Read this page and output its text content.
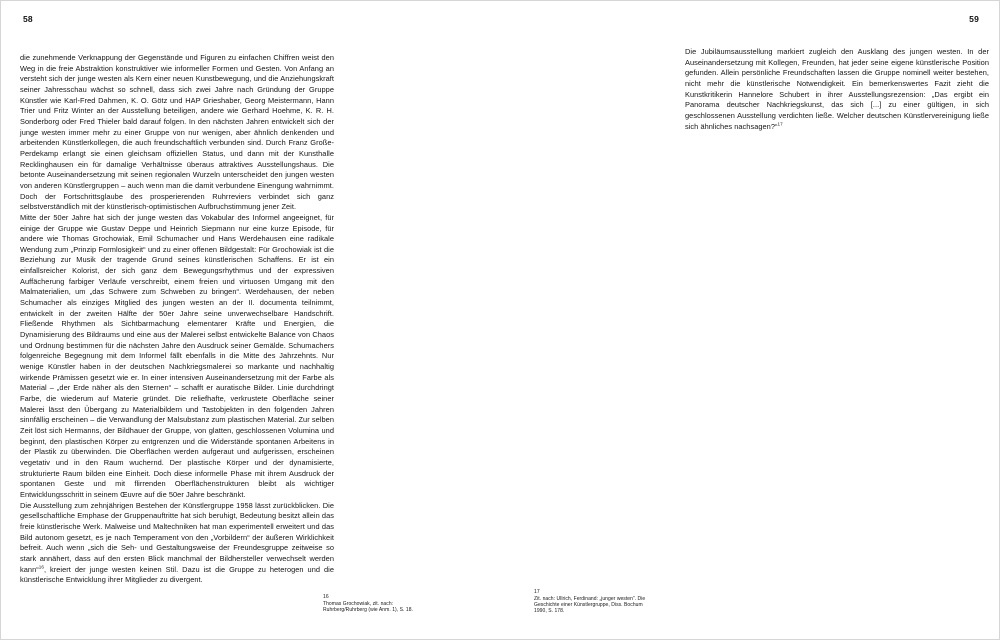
58

die zunehmende Verknappung der Gegenstände und Figuren zu einfachen Chiffren weist den Weg in die freie Abstraktion konstruktiver wie informeller Formen und Gesten. Von Anfang an versteht sich der junge westen als Kern einer neuen Kunstbewegung, und die Anziehungskraft seiner Jahresschau wächst so schnell, dass sich zwei Jahre nach Gründung der Gruppe Künstler wie Karl-Fred Dahmen, K. O. Götz und HAP Grieshaber, Georg Meistermann, Hann Trier und Fritz Winter an der Ausstellung beteiligen, andere wie Gerhard Hoehme, K. R. H. Sonderborg oder Fred Thieler bald darauf folgen. In den nächsten Jahren entwickelt sich der junge westen immer mehr zu einer Gruppe von nur wenigen, aber ähnlich denkenden und arbeitenden Künstlerkollegen, die auch freundschaftlich verbunden sind. Durch Franz Große-Perdekamp erlangt sie einen gleichsam offiziellen Status, und dann mit der Kunsthalle Recklinghausen ein für damalige Verhältnisse überaus attraktives Ausstellungshaus. Die betonte Auseinandersetzung mit seinen regionalen Wurzeln unterscheidet den jungen westen von anderen Künstlergruppen – auch wenn man die damit verbundene Einengung wahrnimmt. Doch der Fortschrittsglaube des prosperierenden Ruhrreviers verbindet sich ganz selbstverständlich mit der künstlerisch-optimistischen Aufbruchstimmung jener Zeit.

Mitte der 50er Jahre hat sich der junge westen das Vokabular des Informel angeeignet, für einige der Gruppe wie Gustav Deppe und Heinrich Siepmann nur eine kurze Episode, für andere wie Thomas Grochowiak, Emil Schumacher und Hans Werdehausen eine radikale Wendung zum „Prinzip Formlosigkeit“ und zu einer offenen Bildgestalt: Für Grochowiak ist die Beziehung zur Musik der tragende Grund seines künstlerischen Schaffens. Er ist ein einfallsreicher Kolorist, der sich ganz dem Bewegungsrhythmus und der expressiven Auffächerung farbiger Verläufe verschreibt, einem freien und virtuosen Umgang mit den Malmaterialien, um „das Schwere zum Schweben zu bringen“. Werdehausen, der neben Schumacher als einziges Mitglied des jungen westen an der II. documenta teilnimmt, entwickelt in der zweiten Hälfte der 50er Jahre seine unverwechselbare Handschrift. Fließende Rhythmen als Sichtbarmachung elementarer Kräfte und Energien, die Dynamisierung des Bildraums und eine aus der Malerei selbst entwickelte Balance von Chaos und Ordnung bestimmen für die nächsten Jahre den Ausdruck seiner Gemälde. Schumachers folgenreiche Begegnung mit dem Informel fällt ebenfalls in die Mitte des Jahrzehnts. Nur wenige Künstler haben in der deutschen Nachkriegsmalerei so markante und nachhaltig wirkende Prämissen gesetzt wie er. In einer intensiven Auseinandersetzung mit der Farbe als Material – „der Erde näher als den Sternen“ – schafft er auratische Bilder. Linie durchdringt Farbe, die wiederum auf Materie gründet. Die reliefhafte, verkrustete Oberfläche seiner Malerei lässt den Übergang zu Materialbildern und Tastobjekten in den folgenden Jahren sinnfällig erscheinen – die Verwandlung der Malsubstanz zum plastischen Material. Zur selben Zeit löst sich Hermanns, der Bildhauer der Gruppe, von glatten, geschlossenen Volumina und beginnt, den plastischen Körper zu entgrenzen und die Widerstände spontanen Arbeitens in der Plastik zu überwinden. Die Oberflächen werden aufgeraut und aufgerissen, erscheinen vegetativ und in den Raum wuchernd. Der plastische Körper und der dynamisierte, strukturierte Raum bilden eine Einheit. Doch diese informelle Phase mit ihrem Ausdruck der spontanen Geste und mit flirrenden Oberflächenstrukturen bleibt als wichtiger Entwicklungsschritt in seinem Œuvre auf die 50er Jahre beschränkt.

Die Ausstellung zum zehnjährigen Bestehen der Künstlergruppe 1958 lässt zurückblicken. Die gesellschaftliche Emphase der Gruppenauftritte hat sich beruhigt, Bedeutung besitzt allein das freie künstlerische Werk. Malweise und Maltechniken hat man experimentell erweitert und das Bild autonom gesetzt, es je nach Temperament von den „Vorbildern“ der äußeren Wirklichkeit befreit. Auch wenn „sich die Seh- und Gestaltungsweise der Freundesgruppe zeitweise so stark annähert, dass auf den ersten Blick manchmal der Bildhersteller verwechselt werden kann“$^{16}$, kreiert der junge westen keinen Stil. Dazu ist die Gruppe zu heterogen und die künstlerische Entwicklung ihrer Mitglieder zu divergent.

16
Thomas Grochowiak, zit. nach: Ruhrberg/Ruhrberg (wie Anm. 1), S. 18.
59

Die Jubiläumsausstellung markiert zugleich den Ausklang des jungen westen. In der Auseinandersetzung mit Kollegen, Freunden, hat jeder seine eigene künstlerische Position gefunden. Allein persönliche Freundschaften lassen die Gruppe nominell weiter bestehen, nicht mehr die künstlerische Notwendigkeit. Ein bemerkenswertes Fazit zieht die Kunstkritikerin Hannelore Schubert in ihrer Ausstellungsrezension: „Das ergibt ein Panorama deutscher Nachkriegskunst, das sich [...] zu einer gültigen, in sich geschlossenen Ausstellung verdichten ließe. Welcher deutschen Künstlervereinigung ließe sich ähnliches nachsagen?“$^{17}$

17
Zit. nach: Ullrich, Ferdinand: „junger westen“. Die Geschichte einer Künstlergruppe, Diss. Bochum 1990, S. 178.
